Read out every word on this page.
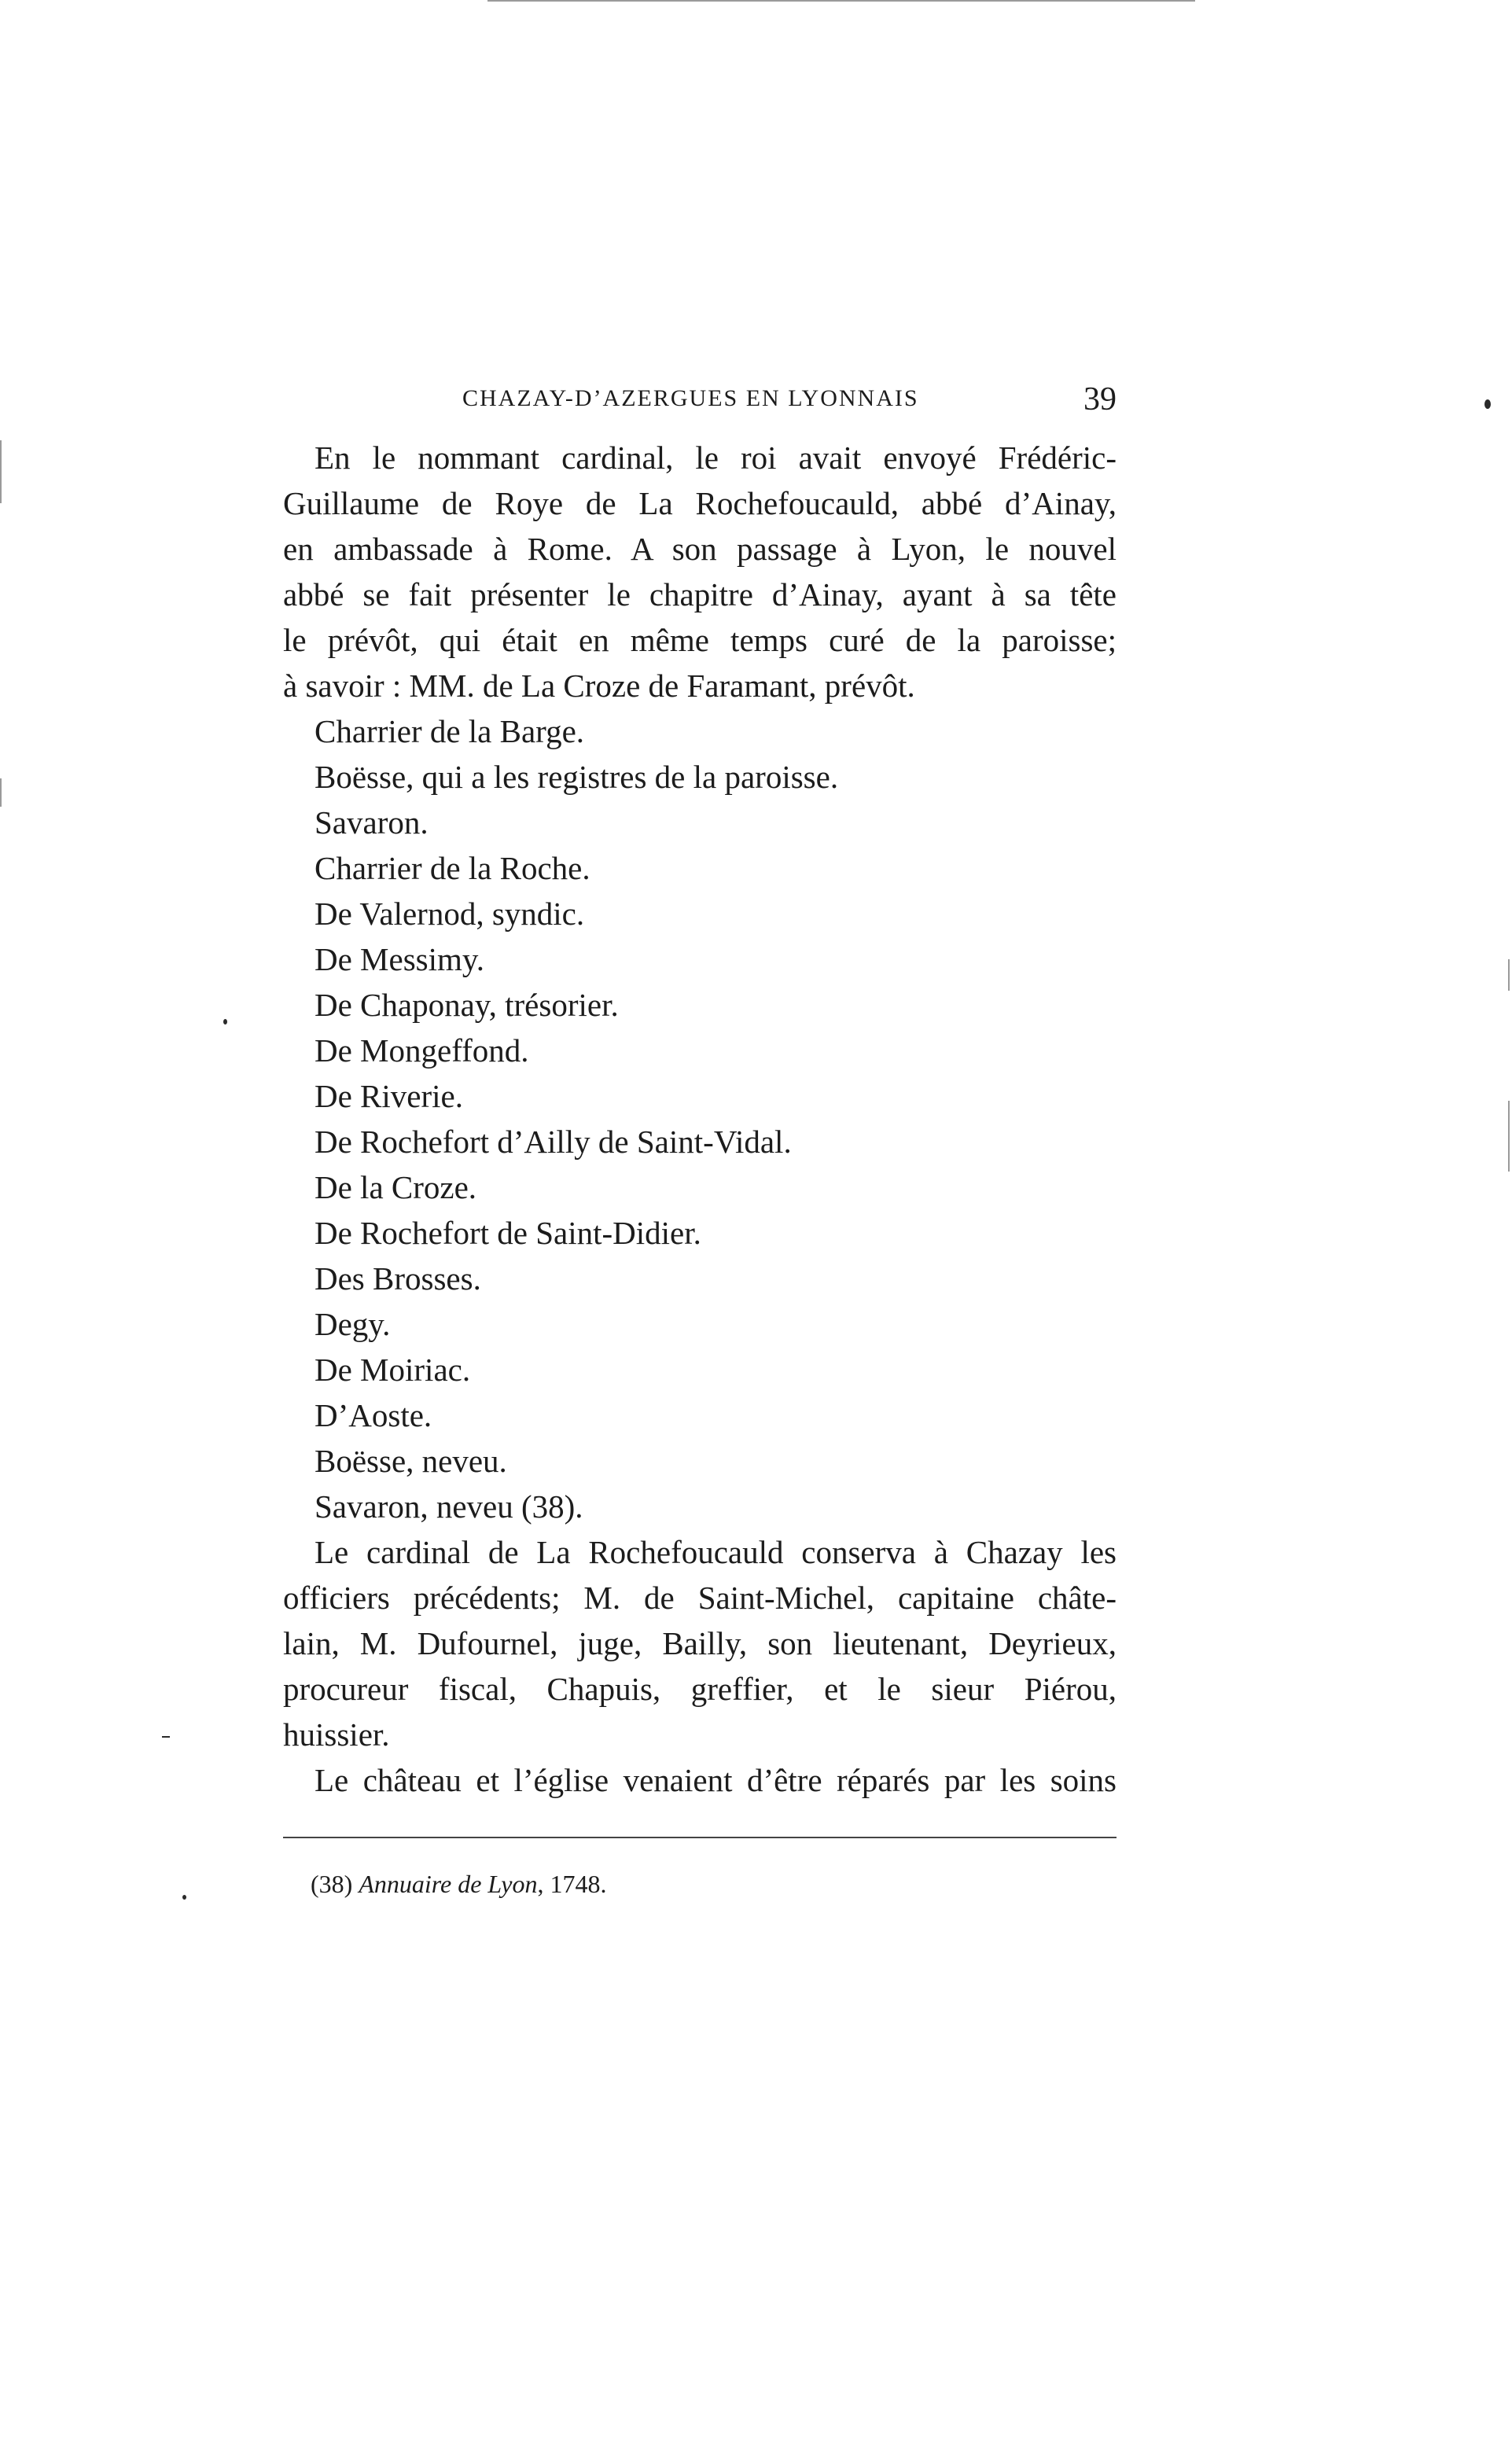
CHAZAY-D’AZERGUES EN LYONNAIS	39
En le nommant cardinal, le roi avait envoyé Frédéric-
Guillaume de Roye de La Rochefoucauld, abbé d’Ainay,
en ambassade à Rome. A son passage à Lyon, le nouvel
abbé se fait présenter le chapitre d’Ainay, ayant à sa tête
le prévôt, qui était en même temps curé de la paroisse;
à savoir : MM. de La Croze de Faramant, prévôt.
Charrier de la Barge.
Boësse, qui a les registres de la paroisse.
Savaron.
Charrier de la Roche.
De Valernod, syndic.
De Messimy.
De Chaponay, trésorier.
De Mongeffond.
De Riverie.
De Rochefort d’Ailly de Saint-Vidal.
De la Croze.
De Rochefort de Saint-Didier.
Des Brosses.
Degy.
De Moiriac.
D’Aoste.
Boësse, neveu.
Savaron, neveu (38).
Le cardinal de La Rochefoucauld conserva à Chazay les
officiers précédents; M. de Saint-Michel, capitaine châte-
lain, M. Dufournel, juge, Bailly, son lieutenant, Deyrieux,
procureur fiscal, Chapuis, greffier, et le sieur Piérou,
huissier.
Le château et l’église venaient d’être réparés par les soins
(38) Annuaire de Lyon, 1748.
